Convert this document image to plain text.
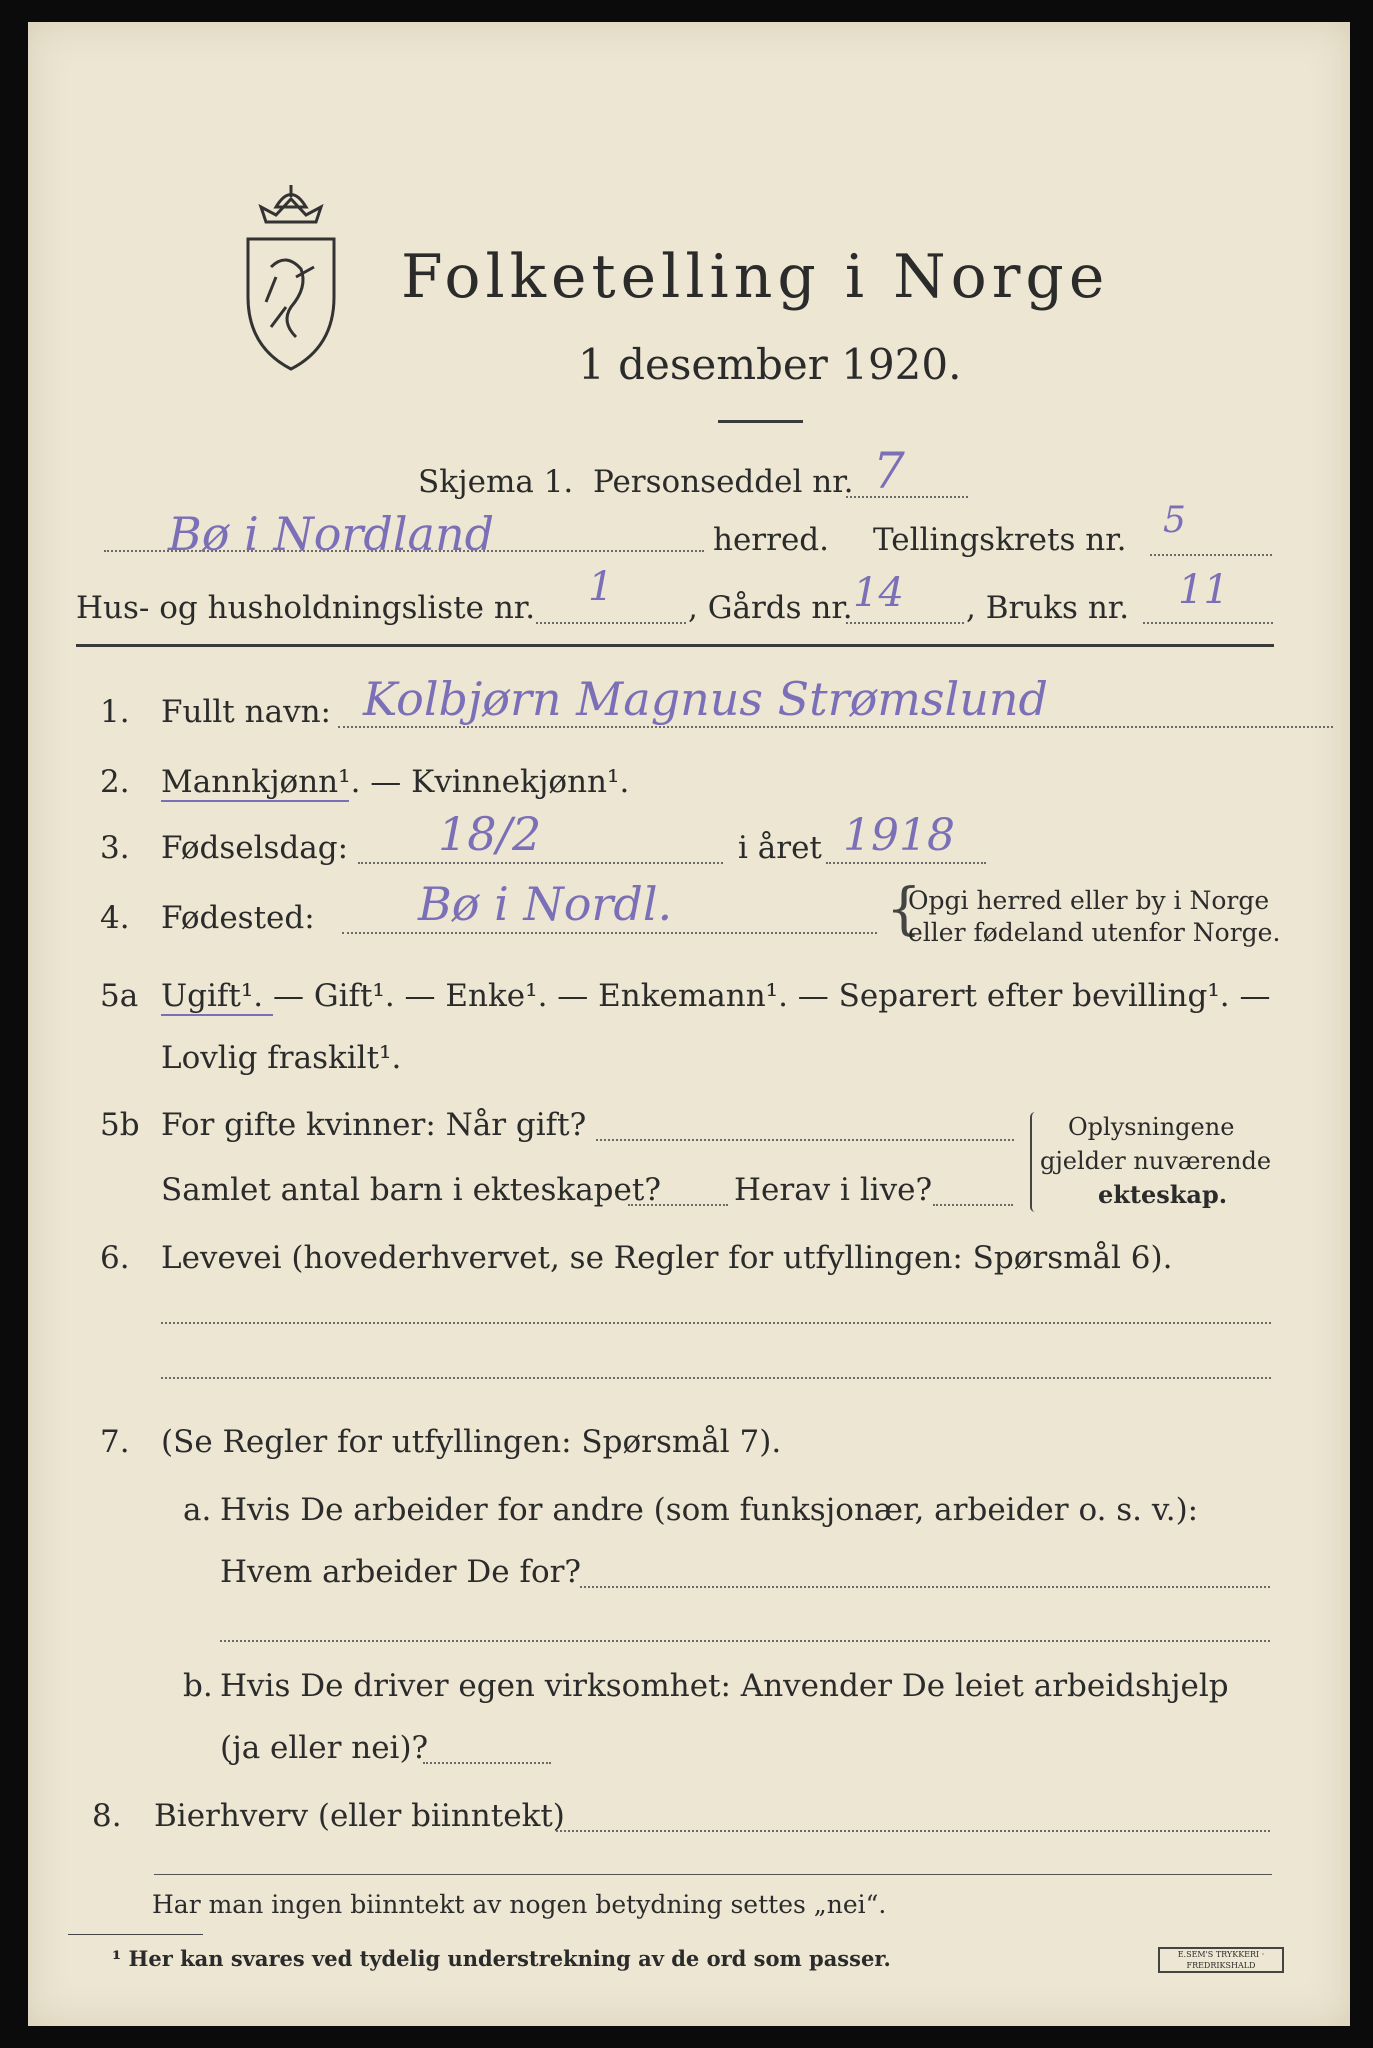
Folketelling i Norge
1 desember 1920.
Skjema 1. Personseddel nr. 7
Bø i Nordland	herred. Tellingskrets nr. 5
Hus- og husholdningsliste nr. 1 , Gårds nr. 14 , Bruks nr. 11
1. Fullt navn: Kolbjørn Magnus Strømslund
2. Mannkjønn¹. — Kvinnekjønn¹.
3. Fødselsdag: 18/2	i året 1918
4. Fødested: Bø i Nordl.	{
Opgi herred eller by i Norge
eller fødeland utenfor Norge.
5a Ugift¹. — Gift¹. — Enke¹. — Enkemann¹. — Separert efter bevilling¹. —
Lovlig fraskilt¹.
5b For gifte kvinner: Når gift?
Samlet antal barn i ekteskapet? Herav i live?
Oplysningene
gjelder nuværende
ekteskap.
6. Levevei (hovederhvervet, se Regler for utfyllingen: Spørsmål 6).
7. (Se Regler for utfyllingen: Spørsmål 7).
a. Hvis De arbeider for andre (som funksjonær, arbeider o. s. v.):
Hvem arbeider De for?
b. Hvis De driver egen virksomhet: Anvender De leiet arbeidshjelp
(ja eller nei)?
8. Bierhverv (eller biinntekt)
Har man ingen biinntekt av nogen betydning settes „nei“.
¹ Her kan svares ved tydelig understrekning av de ord som passer.	E.SEM'S TRYKKERI · FREDRIKSHALD
